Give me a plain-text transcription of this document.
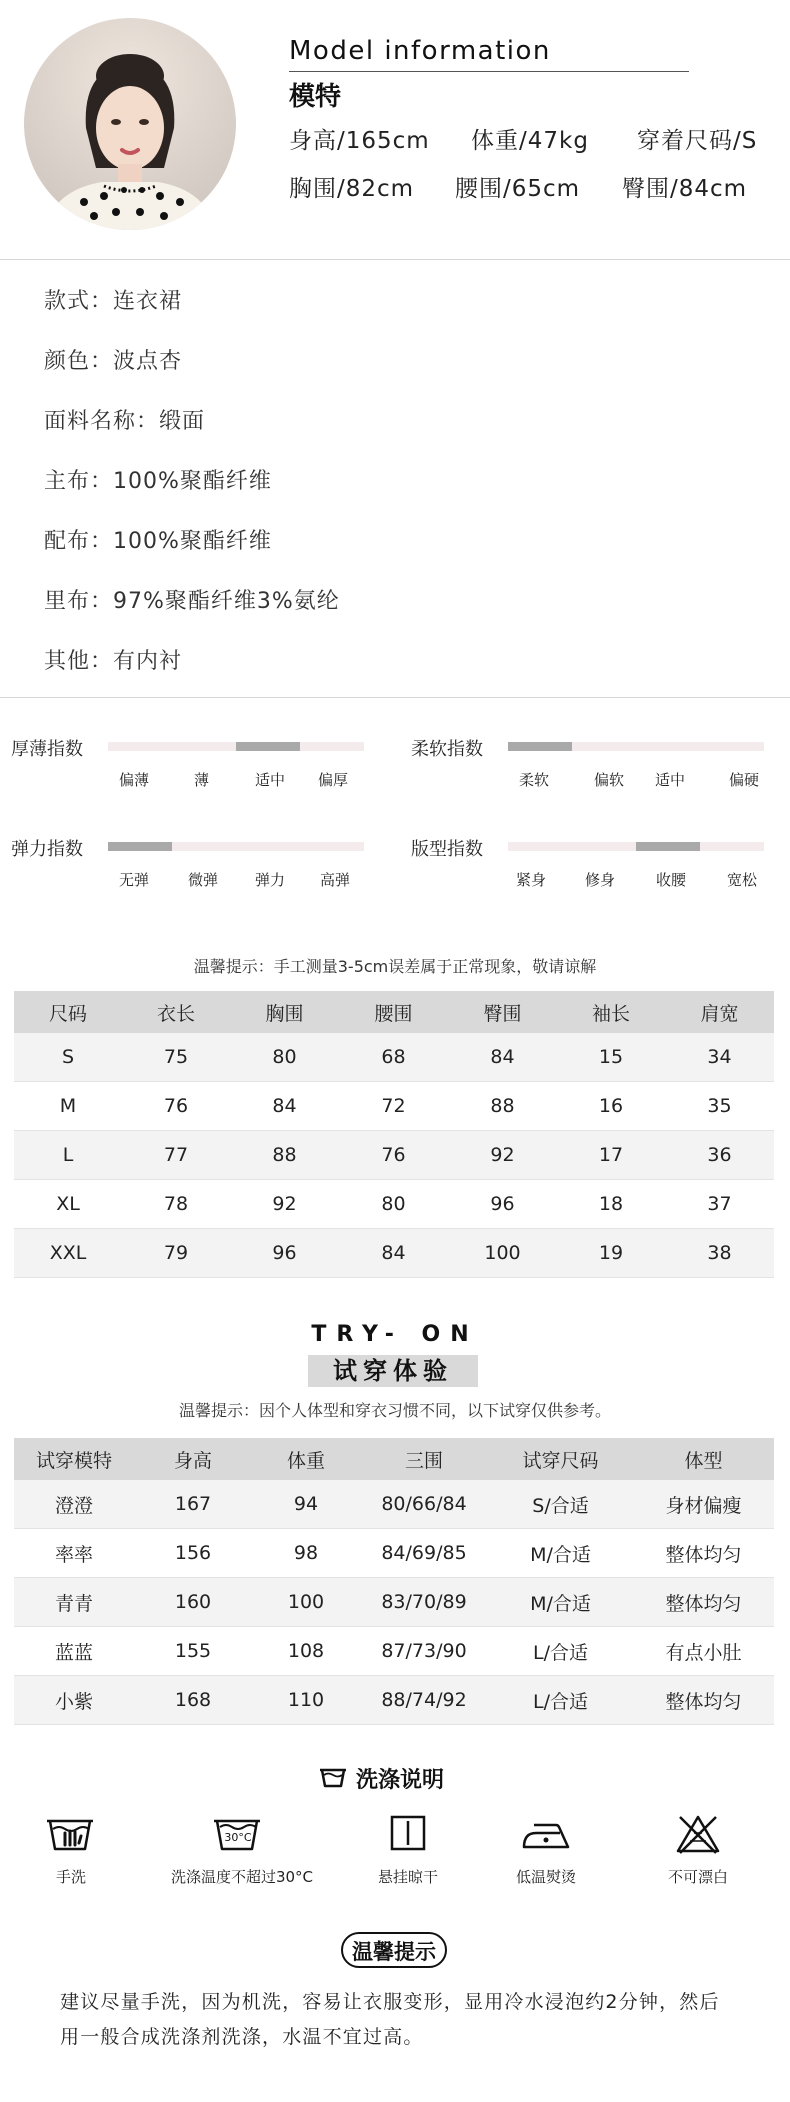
Model information
模特
身高/165cm 体重/47kg 穿着尺码/S
胸围/82cm 腰围/65cm 臀围/84cm
款式：连衣裙
颜色：波点杏
面料名称：缎面
主布：100%聚酯纤维
配布：100%聚酯纤维
里布：97%聚酯纤维3%氨纶
其他：有内衬
厚薄指数
偏薄	薄	适中 偏厚
柔软指数
柔软	偏软 适中	偏硬
弹力指数
无弹	微弹 弹力 高弹
版型指数
紧身	修身	收腰	宽松
温馨提示：手工测量3-5cm误差属于正常现象，敬请谅解
尺码	衣长	胸围	腰围	臀围	袖长	肩宽
S	75	80	68	84	15	34
M	76	84	72	88	16	35
L	77	88	76	92	17	36
XL	78	92	80	96	18	37
XXL	79	96	84	100	19	38
TRY- ON
试穿体验
温馨提示：因个人体型和穿衣习惯不同，以下试穿仅供参考。
试穿模特	身高	体重	三围	试穿尺码	体型
澄澄	167	94	80/66/84	S/合适	身材偏瘦
率率	156	98	84/69/85	M/合适	整体均匀
青青	160	100	83/70/89	M/合适	整体均匀
蓝蓝	155	108	87/73/90	L/合适	有点小肚
小紫	168	110	88/74/92	L/合适	整体均匀
洗涤说明
手洗
30°C
洗涤温度不超过30°C	悬挂晾干	低温熨烫	不可漂白
温馨提示
建议尽量手洗，因为机洗，容易让衣服变形，显用冷水浸泡约2分钟，然后
用一般合成洗涤剂洗涤，水温不宜过高。
